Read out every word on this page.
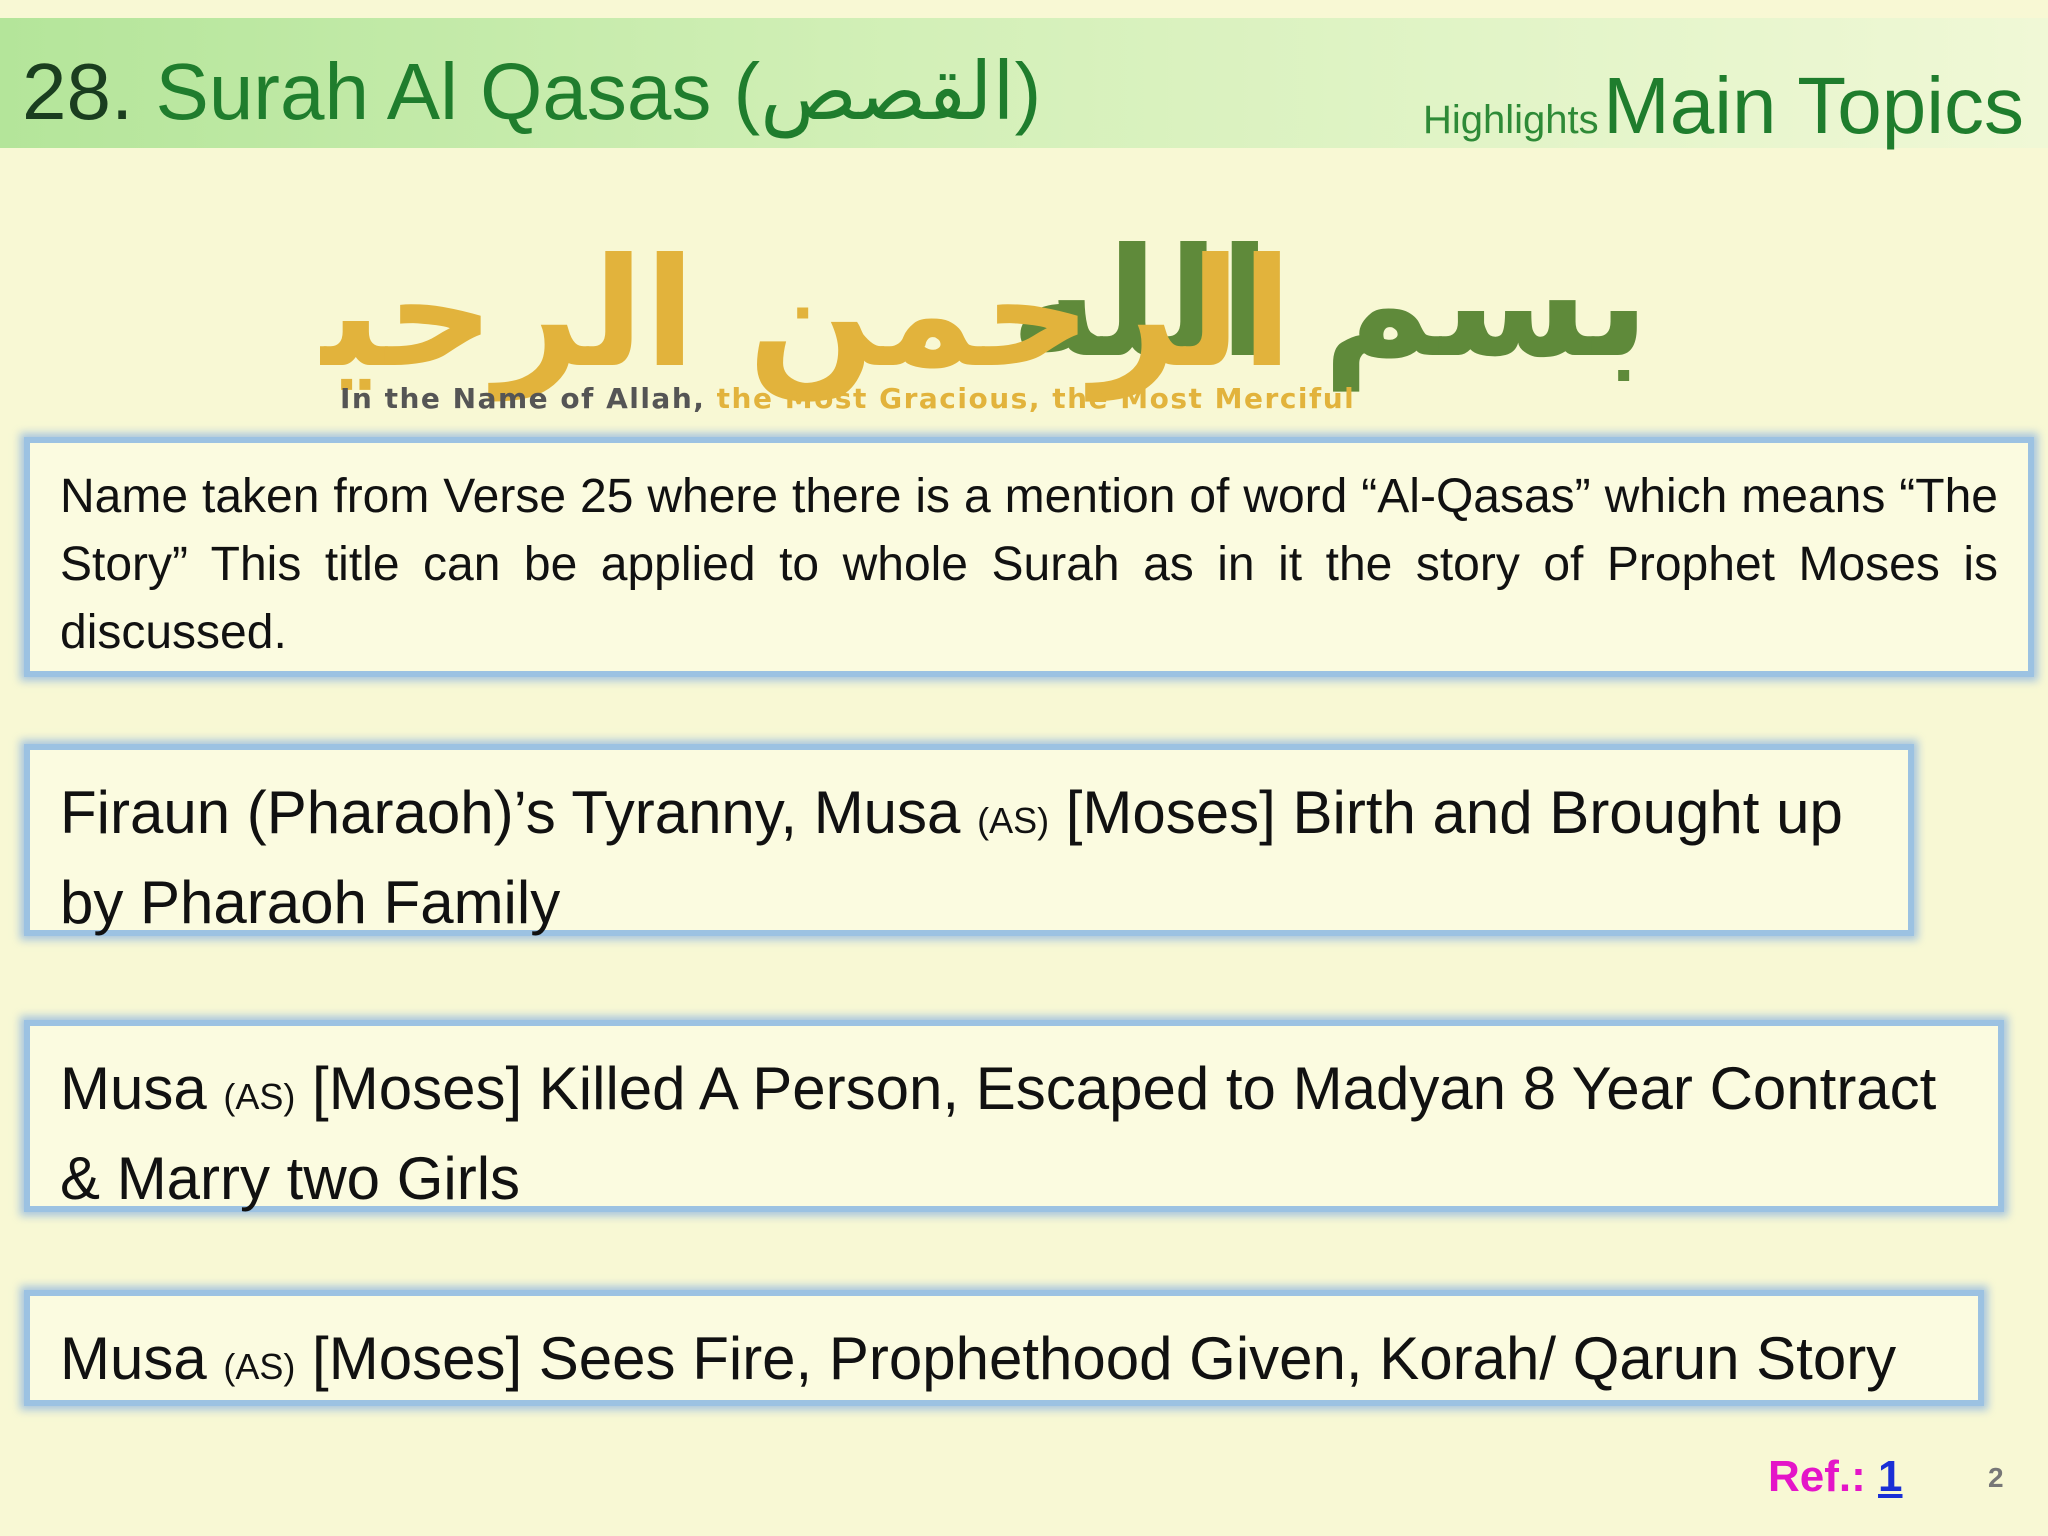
28. Surah Al Qasas (القصص)	Highlights Main Topics
بسم الله
الرحمن الرحي
In the Name of Allah, the Most Gracious, the Most Merciful

Name taken from Verse 25 where there is a mention of word “Al-Qasas” which means “The Story” This title can be applied to whole Surah as in it the story of Prophet Moses is discussed.

Firaun (Pharaoh)’s Tyranny, Musa (AS) [Moses] Birth and Brought up by Pharaoh Family

Musa (AS) [Moses] Killed A Person, Escaped to Madyan 8 Year Contract & Marry two Girls

Musa (AS) [Moses] Sees Fire, Prophethood Given, Korah/ Qarun Story

Ref.: 1	2
